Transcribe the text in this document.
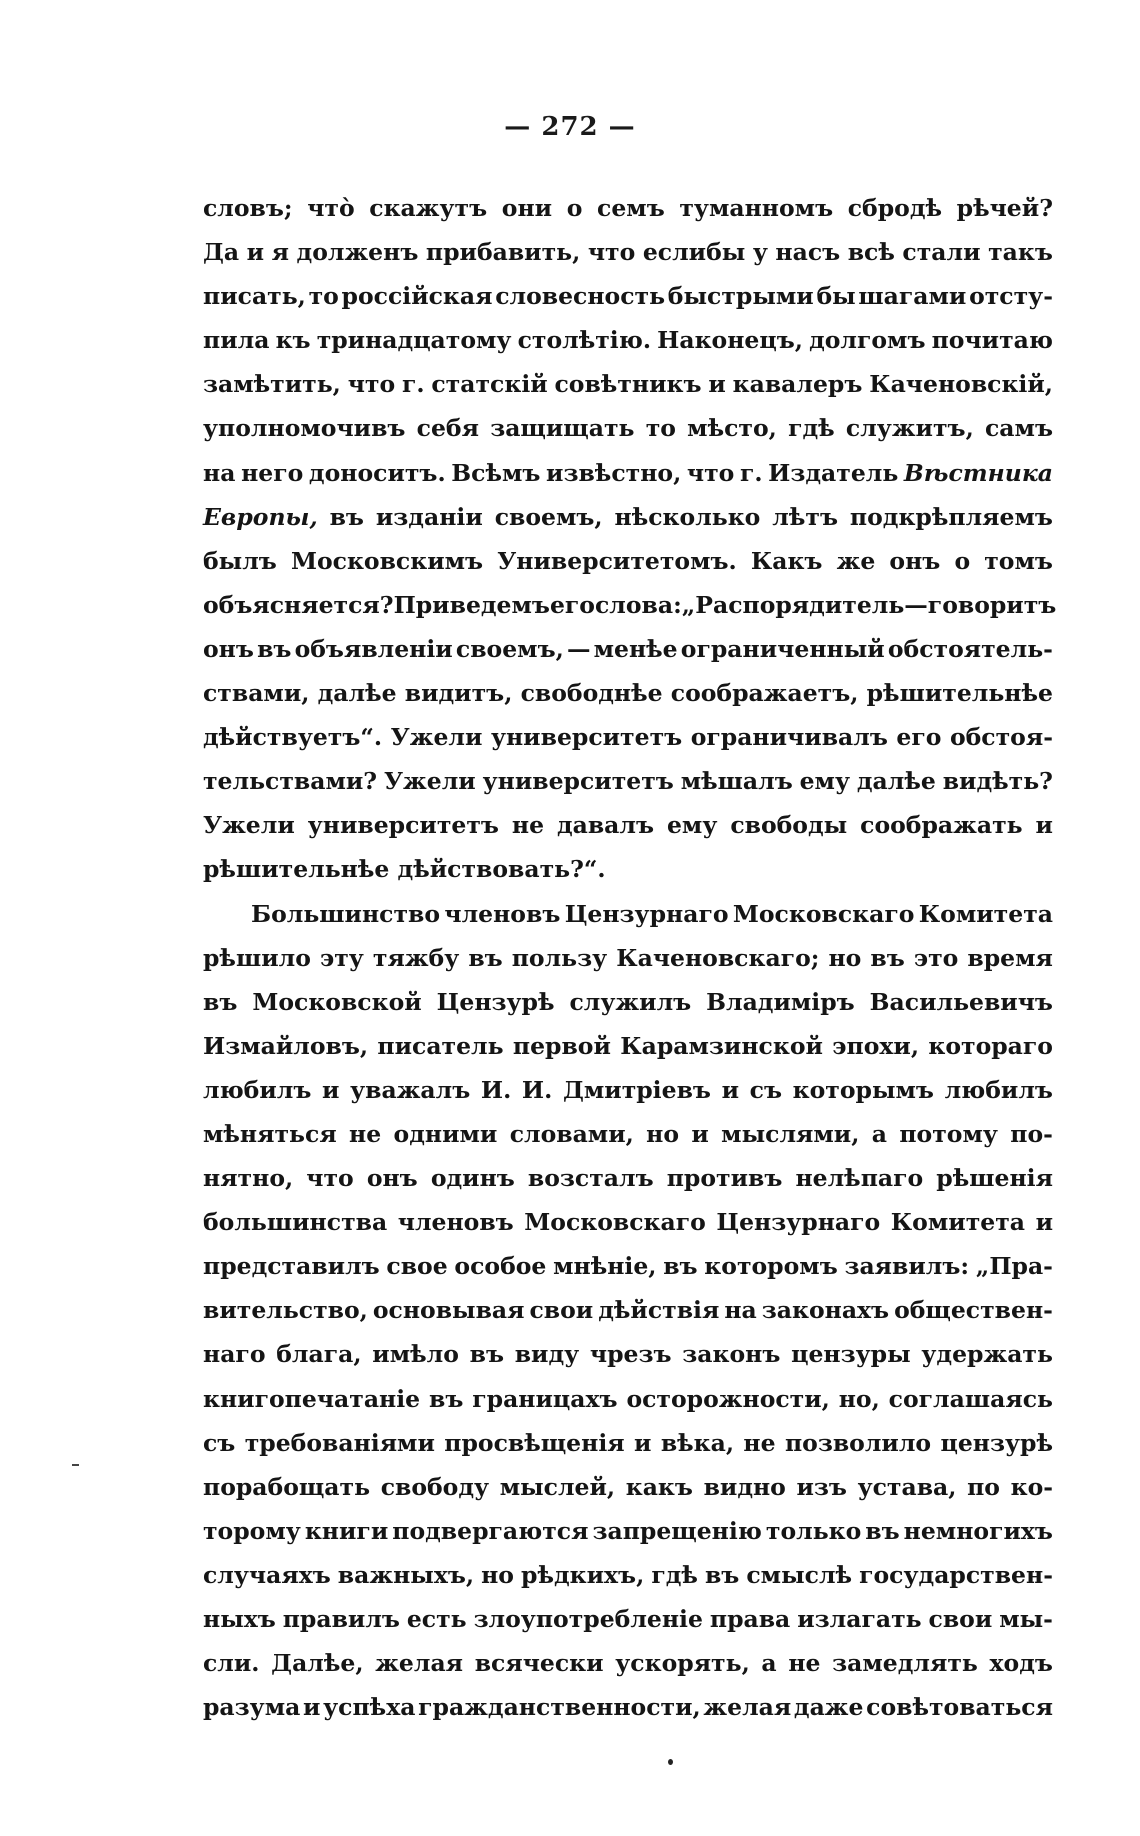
— 272 —
словъ; что̀ скажутъ они о семъ туманномъ сбродѣ рѣчей?
Да и я долженъ прибавить, что еслибы у насъ всѣ стали такъ
писать, то россійская словесность быстрыми бы шагами отсту-
пила къ тринадцатому столѣтію. Наконецъ, долгомъ почитаю
замѣтить, что г. статскій совѣтникъ и кавалеръ Каченовскій,
уполномочивъ себя защищать то мѣсто, гдѣ служитъ, самъ
на него доноситъ. Всѣмъ извѣстно, что г. Издатель Вѣстника
Европы, въ изданіи своемъ, нѣсколько лѣтъ подкрѣпляемъ
былъ Московскимъ Университетомъ. Какъ же онъ о томъ
объясняется? Приведемъ его слова: „Распорядитель—говоритъ
онъ въ объявленіи своемъ, — менѣе ограниченный обстоятель-
ствами, далѣе видитъ, свободнѣе соображаетъ, рѣшительнѣе
дѣйствуетъ“. Ужели университетъ ограничивалъ его обстоя-
тельствами? Ужели университетъ мѣшалъ ему далѣе видѣть?
Ужели университетъ не давалъ ему свободы соображать и
рѣшительнѣе дѣйствовать?“.
Большинство членовъ Цензурнаго Московскаго Комитета
рѣшило эту тяжбу въ пользу Каченовскаго; но въ это время
въ Московской Цензурѣ служилъ Владиміръ Васильевичъ
Измайловъ, писатель первой Карамзинской эпохи, котораго
любилъ и уважалъ И. И. Дмитріевъ и съ которымъ любилъ
мѣняться не одними словами, но и мыслями, а потому по-
нятно, что онъ одинъ возсталъ противъ нелѣпаго рѣшенія
большинства членовъ Московскаго Цензурнаго Комитета и
представилъ свое особое мнѣніе, въ которомъ заявилъ: „Пра-
вительство, основывая свои дѣйствія на законахъ обществен-
наго блага, имѣло въ виду чрезъ законъ цензуры удержать
книгопечатаніе въ границахъ осторожности, но, соглашаясь
съ требованіями просвѣщенія и вѣка, не позволило цензурѣ
порабощать свободу мыслей, какъ видно изъ устава, по ко-
торому книги подвергаются запрещенію только въ немногихъ
случаяхъ важныхъ, но рѣдкихъ, гдѣ въ смыслѣ государствен-
ныхъ правилъ есть злоупотребленіе права излагать свои мы-
сли. Далѣе, желая всячески ускорять, а не замедлять ходъ
разума и успѣха гражданственности, желая даже совѣтоваться
